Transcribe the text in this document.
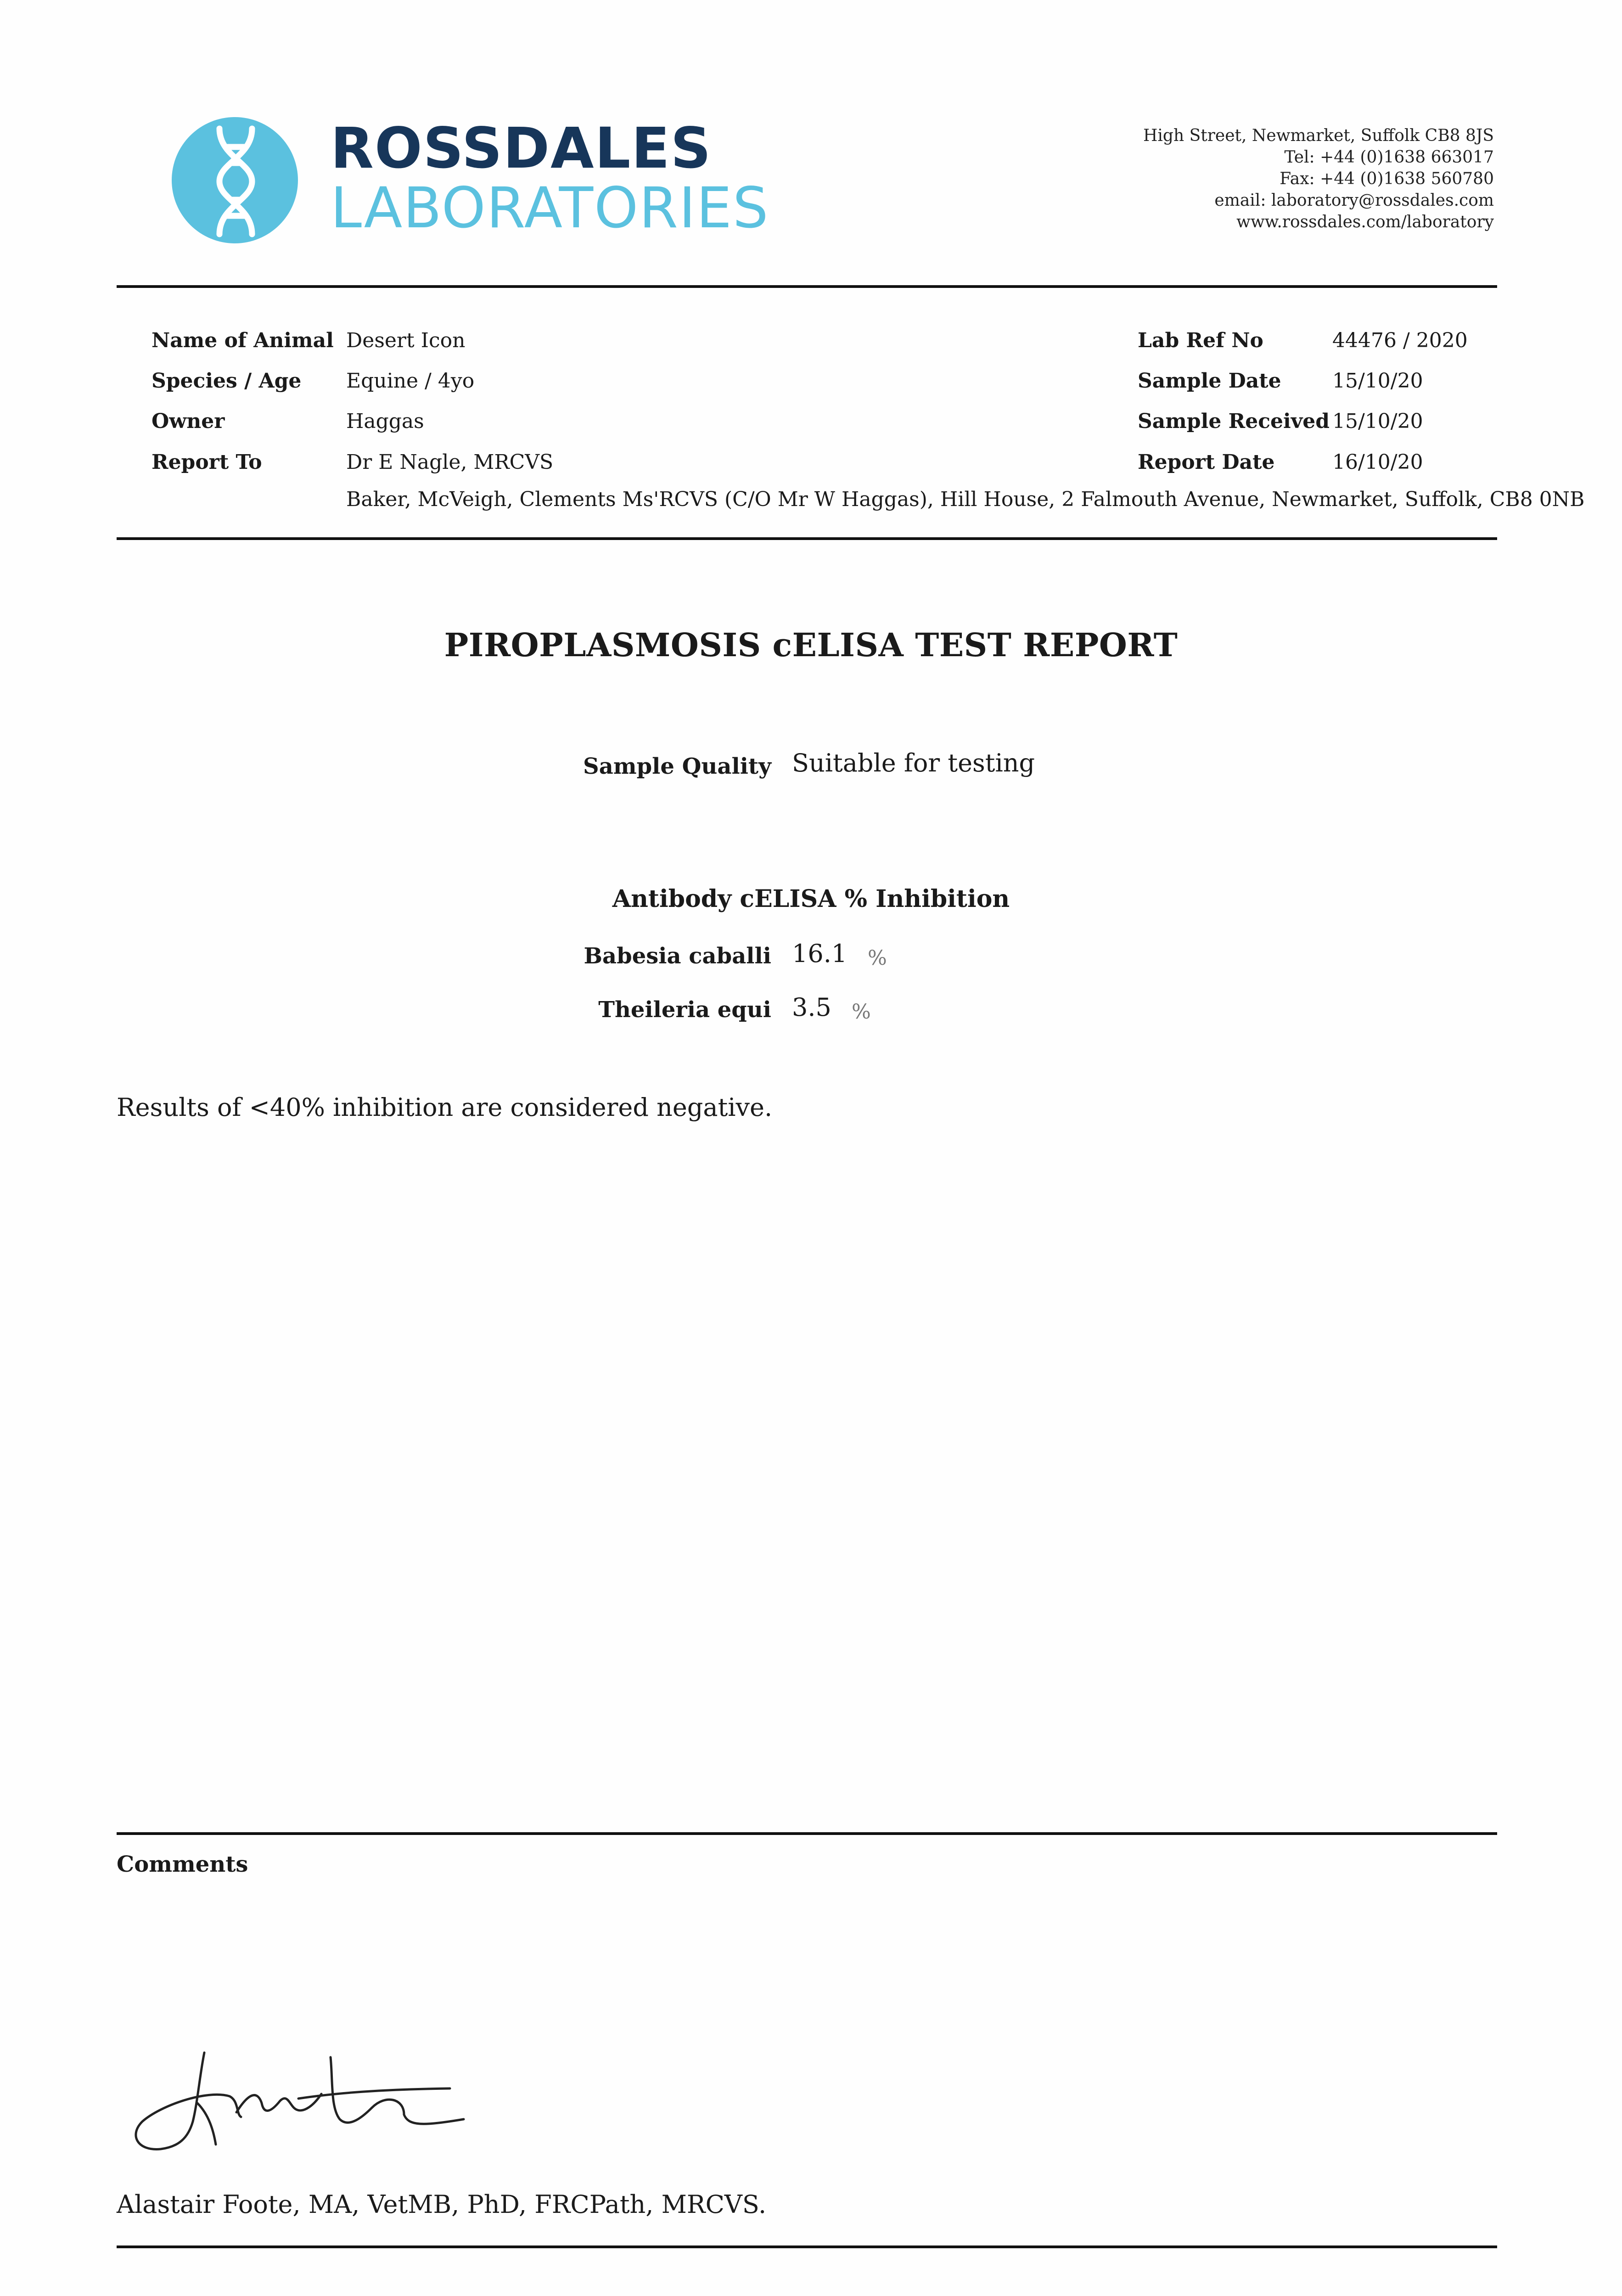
ROSSDALES
LABORATORIES
High Street, Newmarket, Suffolk CB8 8JS
Tel: +44 (0)1638 663017
Fax: +44 (0)1638 560780
email: laboratory@rossdales.com
www.rossdales.com/laboratory
Name of Animal Desert Icon
Species / Age Equine / 4yo
Owner	Haggas
Report To	Dr E Nagle, MRCVS
Baker, McVeigh, Clements Ms'RCVS (C/O Mr W Haggas), Hill House, 2 Falmouth Avenue, Newmarket, Suffolk, CB8 0NB
Lab Ref No	44476 / 2020
Sample Date	15/10/20
Sample Received 15/10/20
Report Date	16/10/20
PIROPLASMOSIS cELISA TEST REPORT
Sample Quality Suitable for testing
Antibody cELISA % Inhibition
Babesia caballi 16.1 %
Theileria equi 3.5 %
Results of <40% inhibition are considered negative.
Comments
Alastair Foote, MA, VetMB, PhD, FRCPath, MRCVS.
